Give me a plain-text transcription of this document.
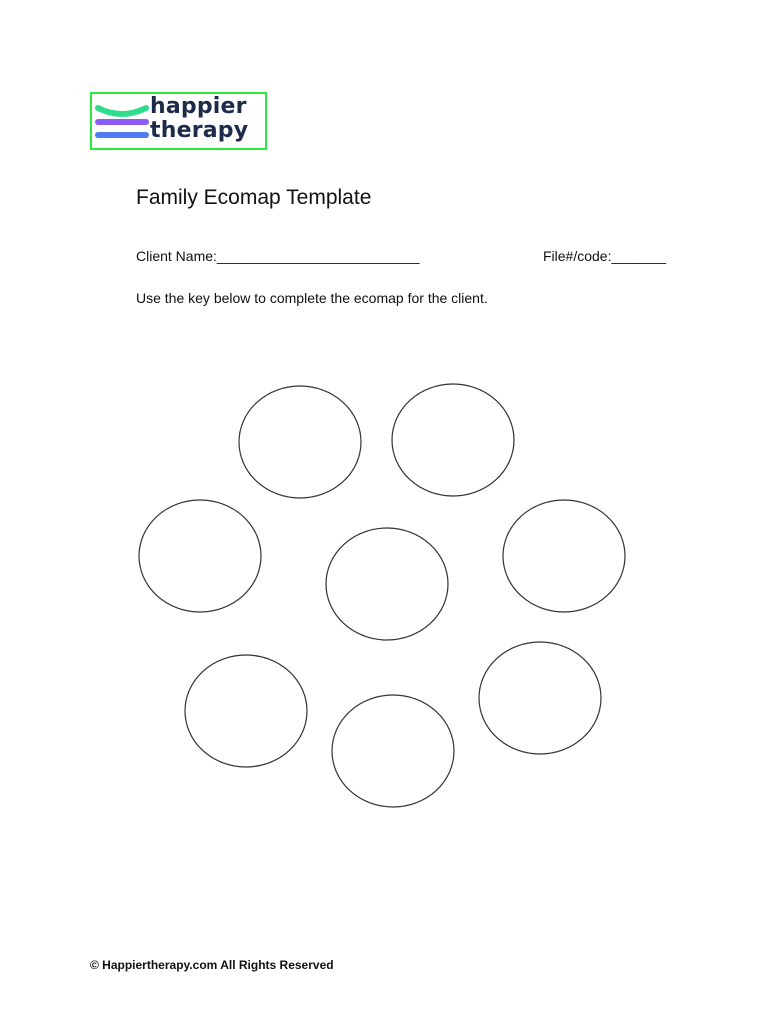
happier
therapy
Family Ecomap Template
Client Name:__________________________	File#/code:_______
Use the key below to complete the ecomap for the client.
© Happiertherapy.com All Rights Reserved
